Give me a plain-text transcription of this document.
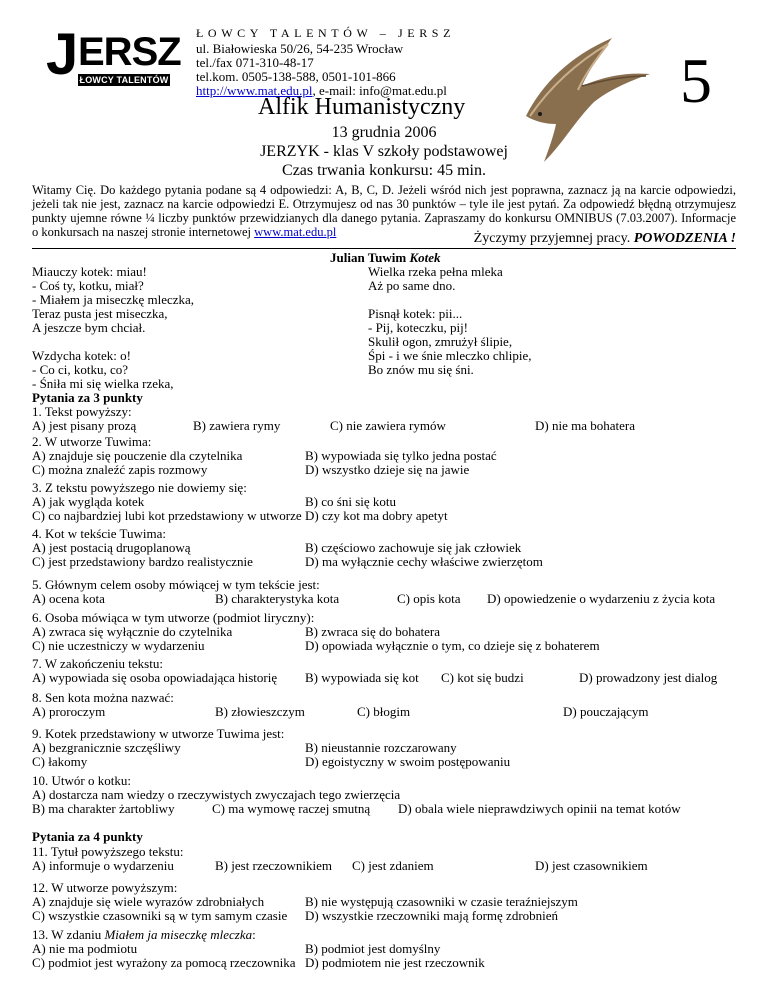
J ERSZ
ŁOWCY TALENTÓW
ŁOWCY TALENTÓW – JERSZ
ul. Białowieska 50/26, 54-235 Wrocław
tel./fax 071-310-48-17
tel.kom. 0505-138-588, 0501-101-866
http://www.mat.edu.pl, e-mail: info@mat.edu.pl	5
Alfik Humanistyczny
13 grudnia 2006
JERZYK - klas V szkoły podstawowej
Czas trwania konkursu: 45 min.
Witamy Cię. Do każdego pytania podane są 4 odpowiedzi: A, B, C, D. Jeżeli wśród nich jest poprawna, zaznacz ją na karcie odpowiedzi, jeżeli tak nie jest, zaznacz na karcie odpowiedzi E. Otrzymujesz od nas 30 punktów – tyle ile jest pytań. Za odpowiedź błędną otrzymujesz punkty ujemne równe ¼ liczby punktów przewidzianych dla danego pytania. Zapraszamy do konkursu OMNIBUS (7.03.2007). Informacje o konkursach na naszej stronie internetowej www.mat.edu.pl	Życzymy przyjemnej pracy. POWODZENIA !
Julian Tuwim Kotek
Miauczy kotek: miau!
- Coś ty, kotku, miał?
- Miałem ja miseczkę mleczka,
Teraz pusta jest miseczka,
A jeszcze bym chciał.
Wzdycha kotek: o!
- Co ci, kotku, co?
- Śniła mi się wielka rzeka,
Wielka rzeka pełna mleka
Aż po same dno.
Pisnął kotek: pii...
- Pij, koteczku, pij!
Skulił ogon, zmrużył ślipie,
Śpi - i we śnie mleczko chlipie,
Bo znów mu się śni.
Pytania za 3 punkty
Pytania za 4 punkty
1. Tekst powyższy:
A) jest pisany prozą	B) zawiera rymy	C) nie zawiera rymów	D) nie ma bohatera
2. W utworze Tuwima:
A) znajduje się pouczenie dla czytelnika	B) wypowiada się tylko jedna postać
C) można znaleźć zapis rozmowy	D) wszystko dzieje się na jawie
3. Z tekstu powyższego nie dowiemy się:
A) jak wygląda kotek	B) co śni się kotu
C) co najbardziej lubi kot przedstawiony w utworze D) czy kot ma dobry apetyt
4. Kot w tekście Tuwima:
A) jest postacią drugoplanową	B) częściowo zachowuje się jak człowiek
C) jest przedstawiony bardzo realistycznie	D) ma wyłącznie cechy właściwe zwierzętom
5. Głównym celem osoby mówiącej w tym tekście jest:
A) ocena kota	B) charakterystyka kota	C) opis kota D) opowiedzenie o wydarzeniu z życia kota
6. Osoba mówiąca w tym utworze (podmiot liryczny):
A) zwraca się wyłącznie do czytelnika	B) zwraca się do bohatera
C) nie uczestniczy w wydarzeniu	D) opowiada wyłącznie o tym, co dzieje się z bohaterem
7. W zakończeniu tekstu:
A) wypowiada się osoba opowiadająca historię B) wypowiada się kot C) kot się budzi	D) prowadzony jest dialog
8. Sen kota można nazwać:
A) proroczym	B) złowieszczym	C) błogim	D) pouczającym
9. Kotek przedstawiony w utworze Tuwima jest:
A) bezgranicznie szczęśliwy	B) nieustannie rozczarowany
C) łakomy	D) egoistyczny w swoim postępowaniu
10. Utwór o kotku:
A) dostarcza nam wiedzy o rzeczywistych zwyczajach tego zwierzęcia
B) ma charakter żartobliwy	C) ma wymowę raczej smutną D) obala wiele nieprawdziwych opinii na temat kotów
11. Tytuł powyższego tekstu:
A) informuje o wydarzeniu	B) jest rzeczownikiem C) jest zdaniem	D) jest czasownikiem
12. W utworze powyższym:
A) znajduje się wiele wyrazów zdrobniałych	B) nie występują czasowniki w czasie teraźniejszym
C) wszystkie czasowniki są w tym samym czasie D) wszystkie rzeczowniki mają formę zdrobnień
13. W zdaniu Miałem ja miseczkę mleczka:
A) nie ma podmiotu	B) podmiot jest domyślny
C) podmiot jest wyrażony za pomocą rzeczownika D) podmiotem nie jest rzeczownik
